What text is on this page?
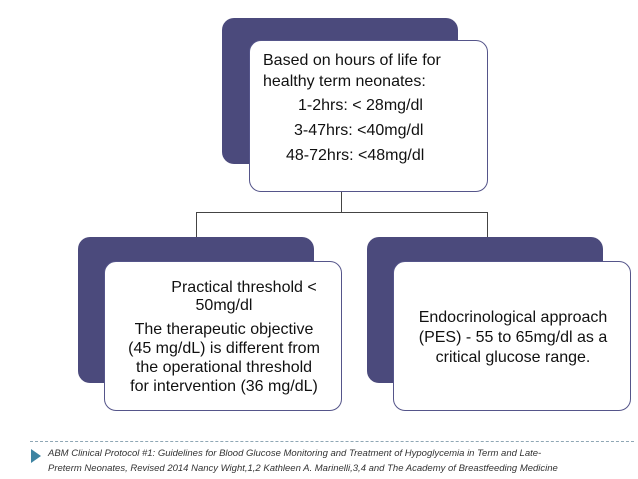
Based on hours of life for
healthy term neonates:
1-2hrs: < 28mg/dl
3-47hrs: <40mg/dl
48-72hrs: <48mg/dl
Practical threshold <
50mg/dl
The therapeutic objective
(45 mg/dL) is different from
the operational threshold
for intervention (36 mg/dL)
Endocrinological approach
(PES) - 55 to 65mg/dl as a
critical glucose range.
ABM Clinical Protocol #1: Guidelines for Blood Glucose Monitoring and Treatment of Hypoglycemia in Term and Late-
Preterm Neonates, Revised 2014 Nancy Wight,1,2 Kathleen A. Marinelli,3,4 and The Academy of Breastfeeding Medicine
